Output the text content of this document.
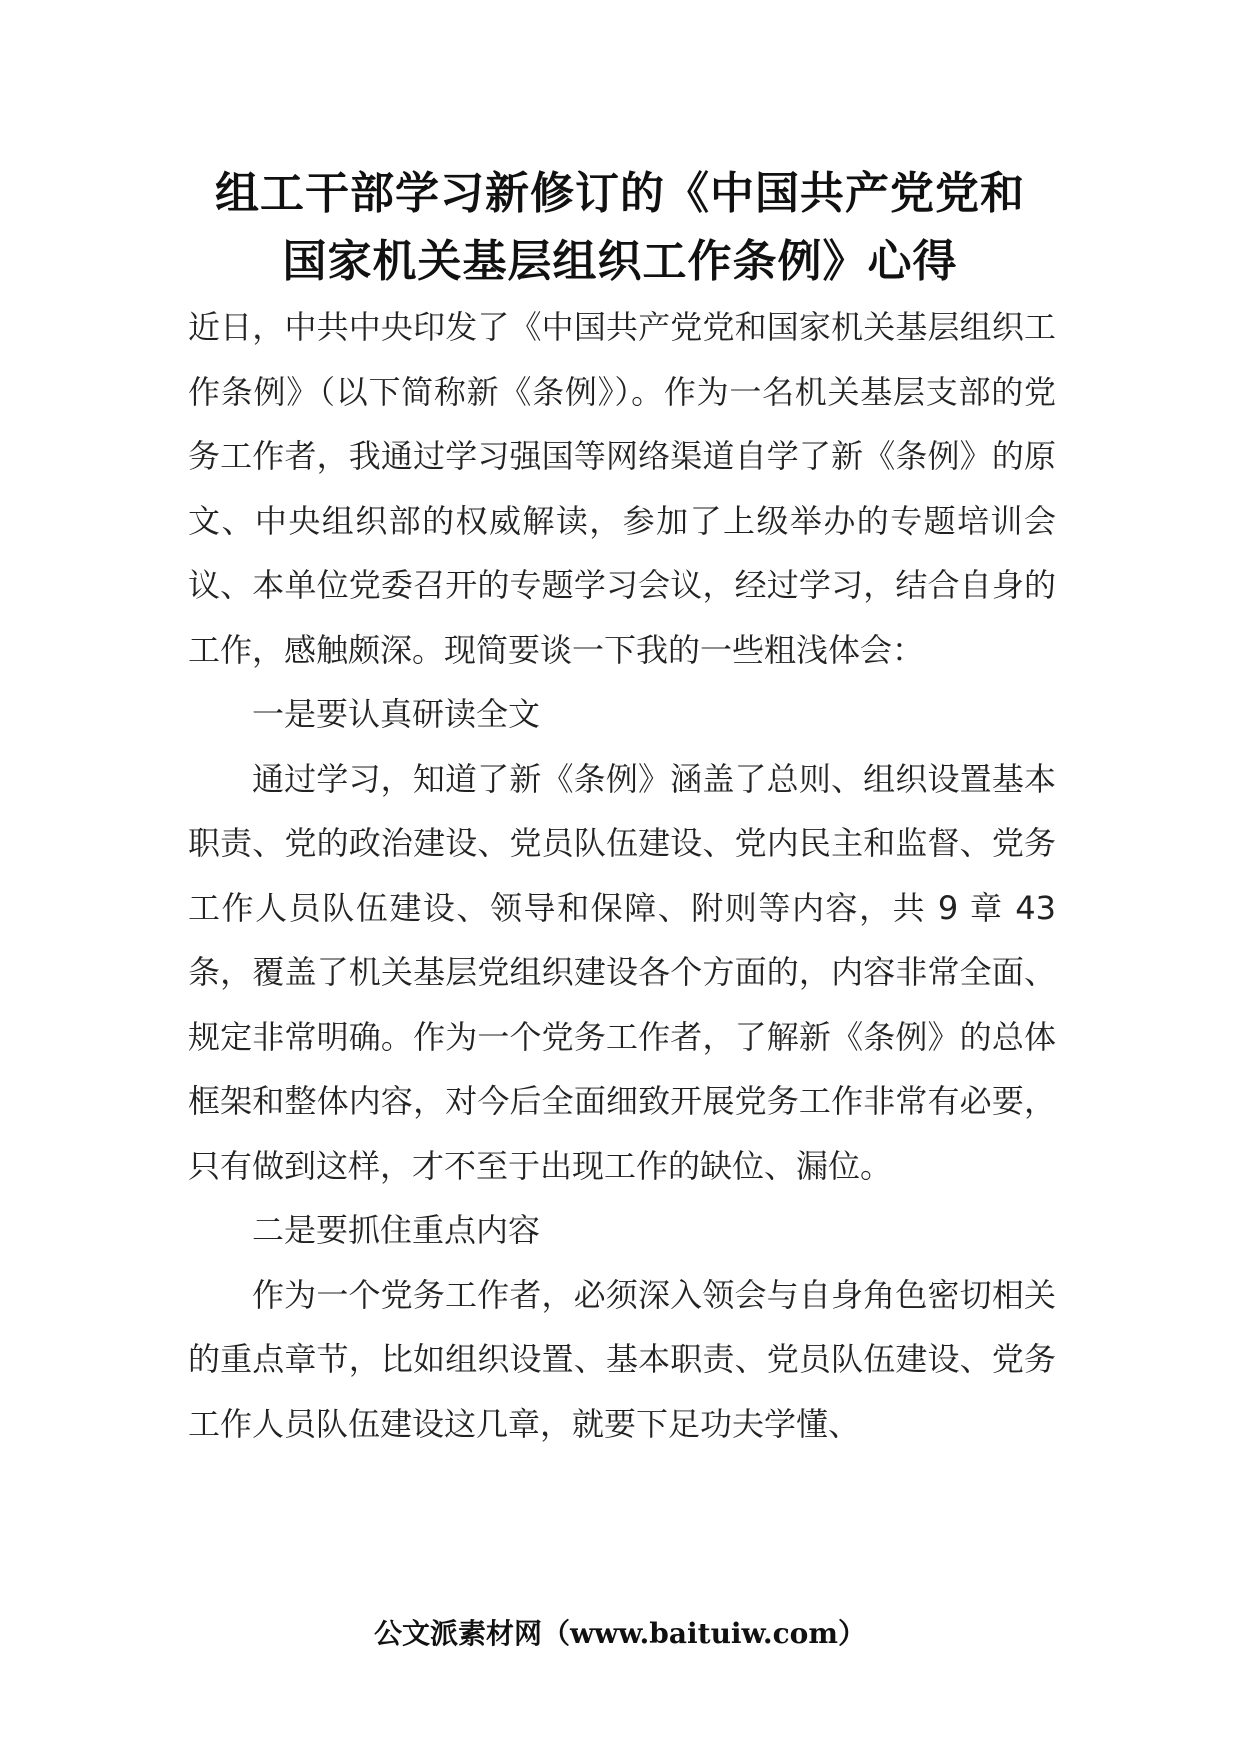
组工干部学习新修订的《中国共产党党和
国家机关基层组织工作条例》心得

近日，中共中央印发了《中国共产党党和国家机关基层组织工作条例》（以下简称新《条例》）。作为一名机关基层支部的党务工作者，我通过学习强国等网络渠道自学了新《条例》的原文、中央组织部的权威解读，参加了上级举办的专题培训会议、本单位党委召开的专题学习会议，经过学习，结合自身的工作，感触颇深。现简要谈一下我的一些粗浅体会：

一是要认真研读全文

通过学习，知道了新《条例》涵盖了总则、组织设置基本职责、党的政治建设、党员队伍建设、党内民主和监督、党务工作人员队伍建设、领导和保障、附则等内容，共 9 章 43 条，覆盖了机关基层党组织建设各个方面的，内容非常全面、规定非常明确。作为一个党务工作者，了解新《条例》的总体框架和整体内容，对今后全面细致开展党务工作非常有必要，只有做到这样，才不至于出现工作的缺位、漏位。

二是要抓住重点内容

作为一个党务工作者，必须深入领会与自身角色密切相关的重点章节，比如组织设置、基本职责、党员队伍建设、党务工作人员队伍建设这几章，就要下足功夫学懂、

公文派素材网（www.baituiw.com）
